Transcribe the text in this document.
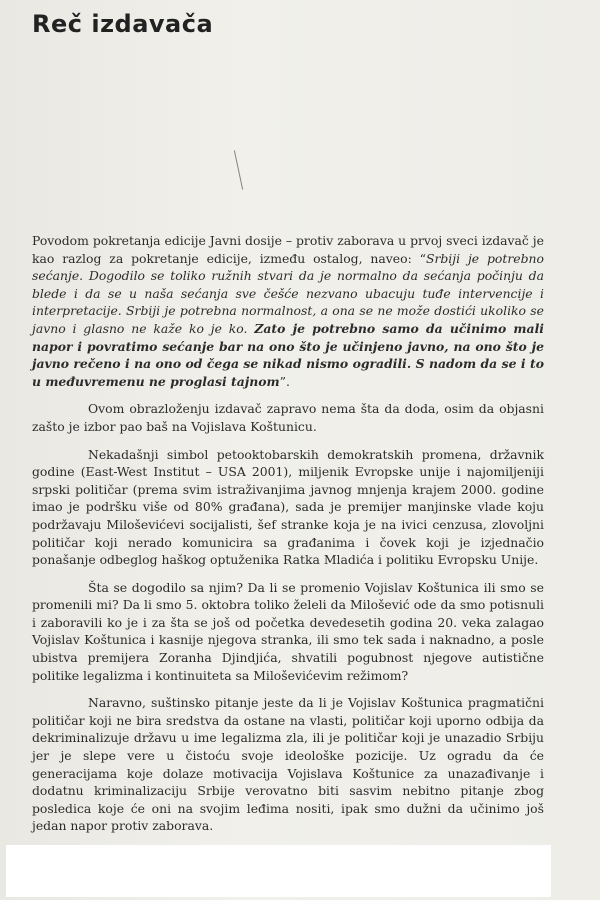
Reč izdavača

Povodom pokretanja edicije Javni dosije – protiv zaborava u prvoj sveci izdavač je kao razlog za pokretanje edicije, između ostalog, naveo: “Srbiji je potrebno sećanje. Dogodilo se toliko ružnih stvari da je normalno da sećanja počinju da blede i da se u naša sećanja sve češće nezvano ubacuju tuđe intervencije i interpretacije. Srbiji je potrebna normalnost, a ona se ne može dostići ukoliko se javno i glasno ne kaže ko je ko. Zato je potrebno samo da učinimo mali napor i povratimo sećanje bar na ono što je učinjeno javno, na ono što je javno rečeno i na ono od čega se nikad nismo ogradili. S nadom da se i to u međuvremenu ne proglasi tajnom”.

Ovom obrazloženju izdavač zapravo nema šta da doda, osim da objasni zašto je izbor pao baš na Vojislava Koštunicu.

Nekadašnji simbol petooktobarskih demokratskih promena, državnik godine (East-West Institut – USA 2001), miljenik Evropske unije i najomiljeniji srpski političar (prema svim istraživanjima javnog mnjenja krajem 2000. godine imao je podršku više od 80% građana), sada je premijer manjinske vlade koju podržavaju Miloševićevi socijalisti, šef stranke koja je na ivici cenzusa, zlovoljni političar koji nerado komunicira sa građanima i čovek koji je izjednačio ponašanje odbeglog haškog optuženika Ratka Mladića i politiku Evropsku Unije.

Šta se dogodilo sa njim? Da li se promenio Vojislav Koštunica ili smo se promenili mi? Da li smo 5. oktobra toliko želeli da Milošević ode da smo potisnuli i zaboravili ko je i za šta se još od početka devedesetih godina 20. veka zalagao Vojislav Koštunica i kasnije njegova stranka, ili smo tek sada i naknadno, a posle ubistva premijera Zoranha Djindjića, shvatili pogubnost njegove autistične politike legalizma i kontinuiteta sa Miloševićevim režimom?

Naravno, suštinsko pitanje jeste da li je Vojislav Koštunica pragmatični političar koji ne bira sredstva da ostane na vlasti, političar koji uporno odbija da dekriminalizuje državu u ime legalizma zla, ili je političar koji je unazadio Srbiju jer je slepe vere u čistoću svoje ideološke pozicije. Uz ogradu da će generacijama koje dolaze motivacija Vojislava Koštunice za unazađivanje i dodatnu kriminalizaciju Srbije verovatno biti sasvim nebitno pitanje zbog posledica koje će oni na svojim leđima nositi, ipak smo dužni da učinimo još jedan napor protiv zaborava.
